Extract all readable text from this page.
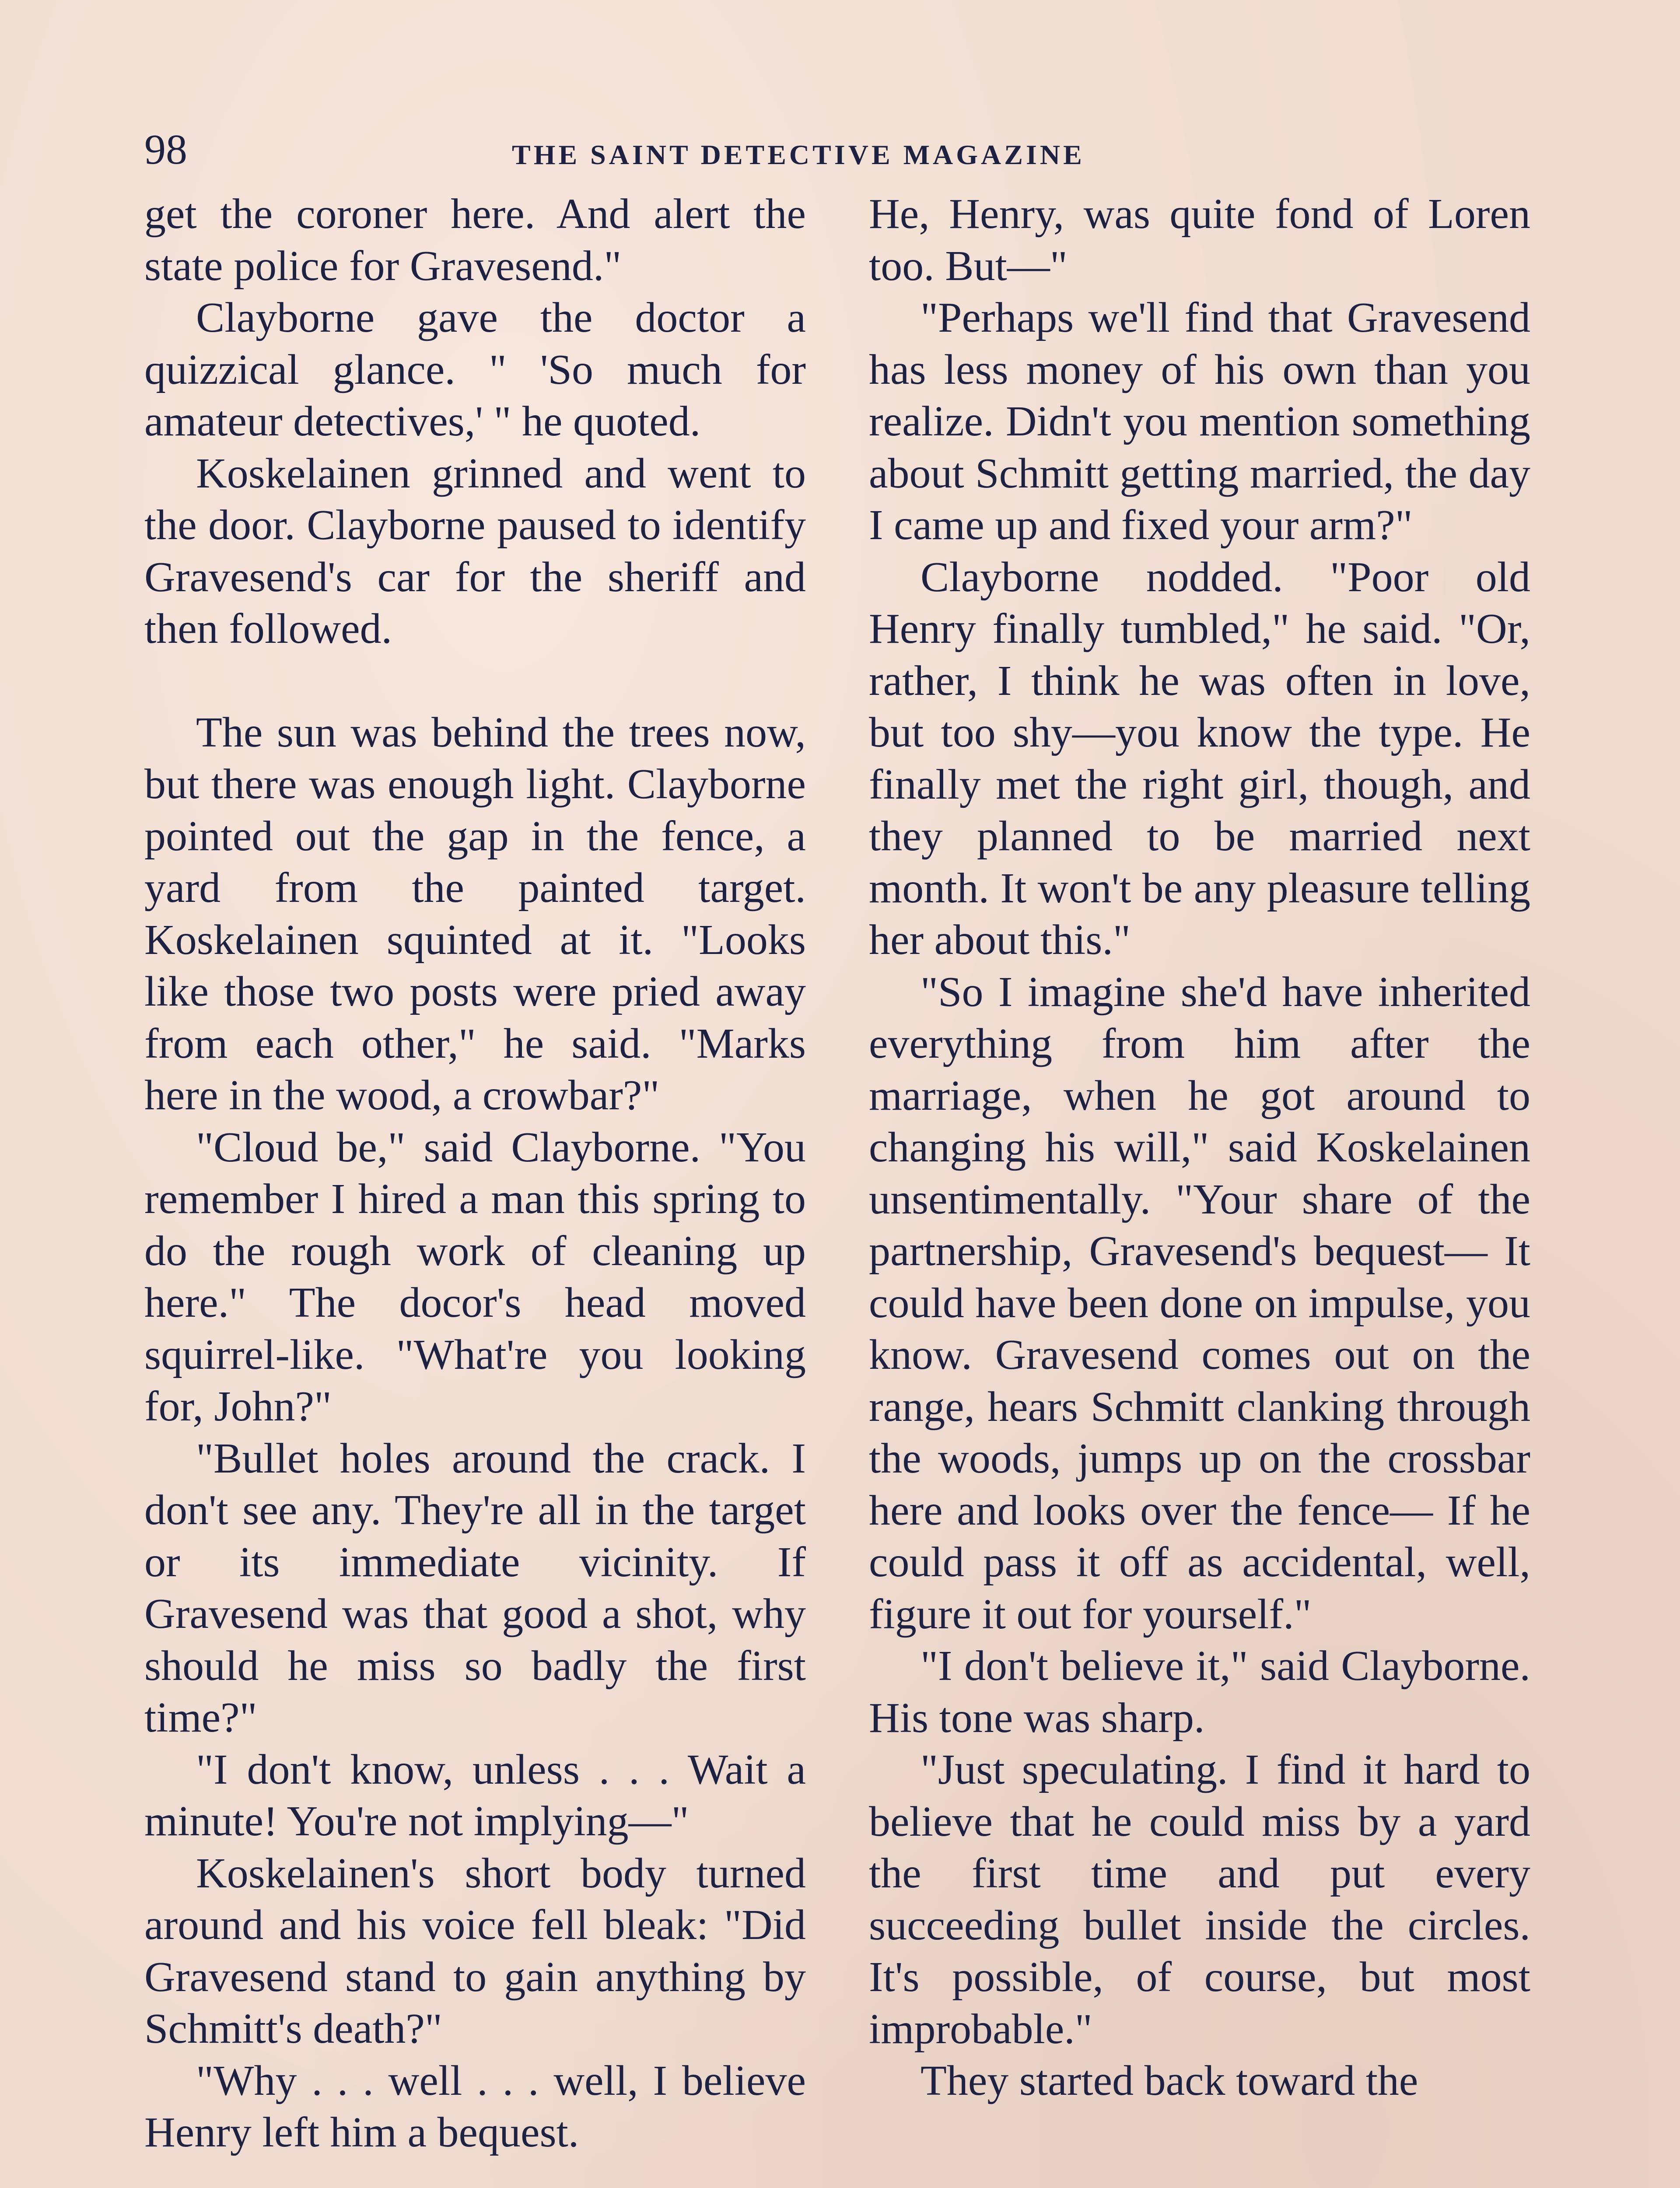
98	THE SAINT DETECTIVE MAGAZINE

get the coroner here. And alert the state police for Gravesend."

Clayborne gave the doctor a quizzical glance. " 'So much for amateur detectives,' " he quoted.

Koskelainen grinned and went to the door. Clayborne paused to identify Gravesend's car for the sheriff and then followed.

The sun was behind the trees now, but there was enough light. Clayborne pointed out the gap in the fence, a yard from the painted target. Koskelainen squinted at it. "Looks like those two posts were pried away from each other," he said. "Marks here in the wood, a crowbar?"

"Cloud be," said Clayborne. "You remember I hired a man this spring to do the rough work of cleaning up here." The docor's head moved squirrel-like. "What're you looking for, John?"

"Bullet holes around the crack. I don't see any. They're all in the target or its immediate vicinity. If Gravesend was that good a shot, why should he miss so badly the first time?"

"I don't know, unless . . . Wait a minute! You're not implying—"

Koskelainen's short body turned around and his voice fell bleak: "Did Gravesend stand to gain anything by Schmitt's death?"

"Why . . . well . . . well, I believe Henry left him a bequest.

He, Henry, was quite fond of Loren too. But—"

"Perhaps we'll find that Gravesend has less money of his own than you realize. Didn't you mention something about Schmitt getting married, the day I came up and fixed your arm?"

Clayborne nodded. "Poor old Henry finally tumbled," he said. "Or, rather, I think he was often in love, but too shy—you know the type. He finally met the right girl, though, and they planned to be married next month. It won't be any pleasure telling her about this."

"So I imagine she'd have inherited everything from him after the marriage, when he got around to changing his will," said Koskelainen unsentimentally. "Your share of the partnership, Gravesend's bequest— It could have been done on impulse, you know. Gravesend comes out on the range, hears Schmitt clanking through the woods, jumps up on the crossbar here and looks over the fence— If he could pass it off as accidental, well, figure it out for yourself."

"I don't believe it," said Clayborne. His tone was sharp.

"Just speculating. I find it hard to believe that he could miss by a yard the first time and put every succeeding bullet inside the circles. It's possible, of course, but most improbable."

They started back toward the
